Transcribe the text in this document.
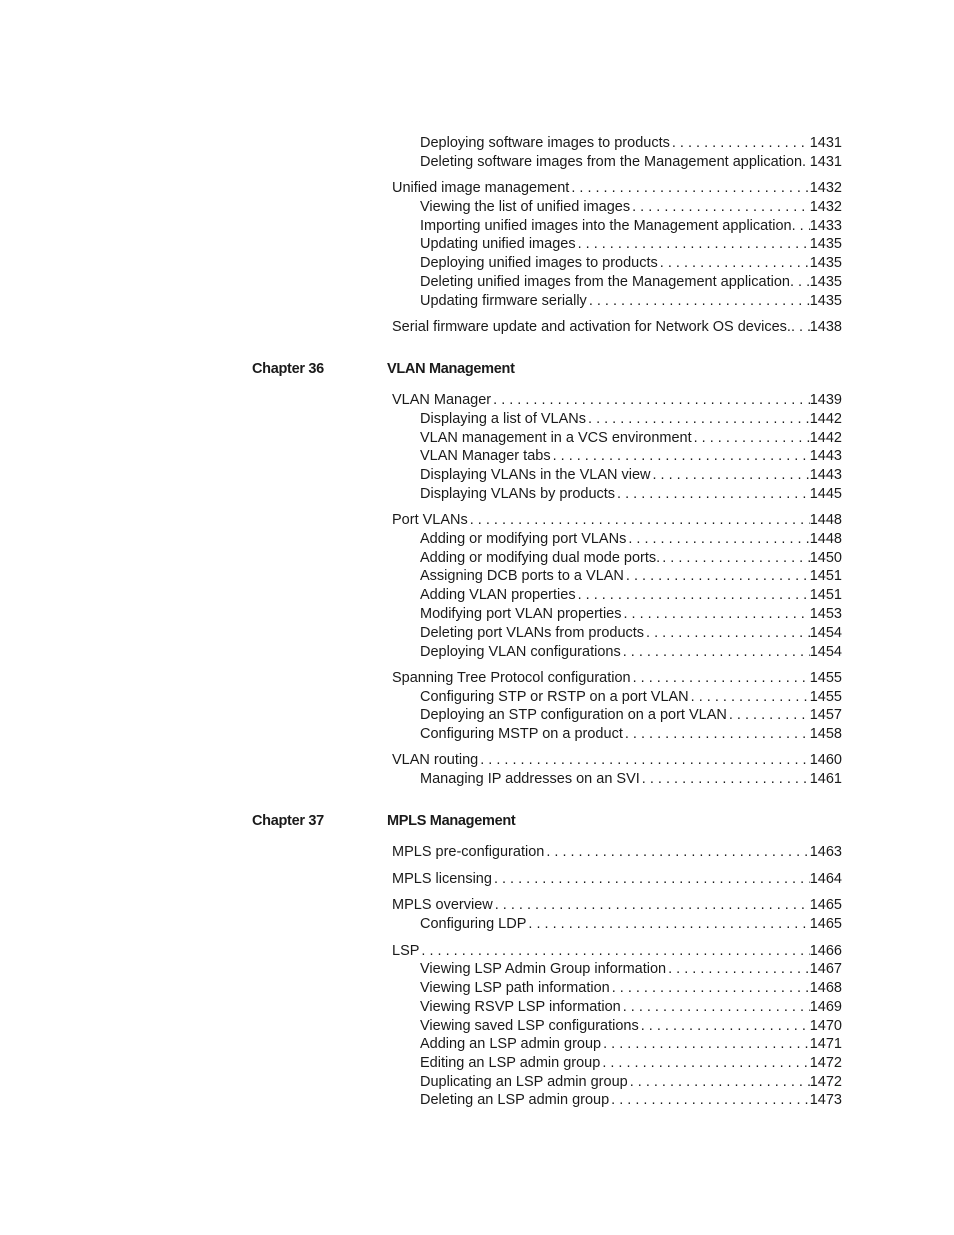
Deploying software images to products . . .	1431
Deleting software images from the Management application . . . 1431
Unified image management . . .	1432
Viewing the list of unified images . . .	1432
Importing unified images into the Management application . . . 1433
Updating unified images . . .	1435
Deploying unified images to products . . .	1435
Deleting unified images from the Management application . . . 1435
Updating firmware serially . . .	1435
Serial firmware update and activation for Network OS devices. . . . 1438
Chapter 36	VLAN Management
VLAN Manager . . .	1439
Displaying a list of VLANs . . .	1442
VLAN management in a VCS environment . . .	1442
VLAN Manager tabs . . .	1443
Displaying VLANs in the VLAN view . . .	1443
Displaying VLANs by products . . .	1445
Port VLANs . . .	1448
Adding or modifying port VLANs . . .	1448
Adding or modifying dual mode ports. . . .	1450
Assigning DCB ports to a VLAN . . .	1451
Adding VLAN properties . . .	1451
Modifying port VLAN properties . . .	1453
Deleting port VLANs from products . . .	1454
Deploying VLAN configurations . . .	1454
Spanning Tree Protocol configuration . . .	1455
Configuring STP or RSTP on a port VLAN . . .	1455
Deploying an STP configuration on a port VLAN . . .	1457
Configuring MSTP on a product . . .	1458
VLAN routing . . .	1460
Managing IP addresses on an SVI . . .	1461
Chapter 37	MPLS Management
MPLS pre-configuration . . .	1463
MPLS licensing . . .	1464
MPLS overview . . .	1465
Configuring LDP . . .	1465
LSP . . .	1466
Viewing LSP Admin Group information . . .	1467
Viewing LSP path information . . .	1468
Viewing RSVP LSP information . . .	1469
Viewing saved LSP configurations . . .	1470
Adding an LSP admin group . . .	1471
Editing an LSP admin group . . .	1472
Duplicating an LSP admin group . . .	1472
Deleting an LSP admin group . . .	1473
